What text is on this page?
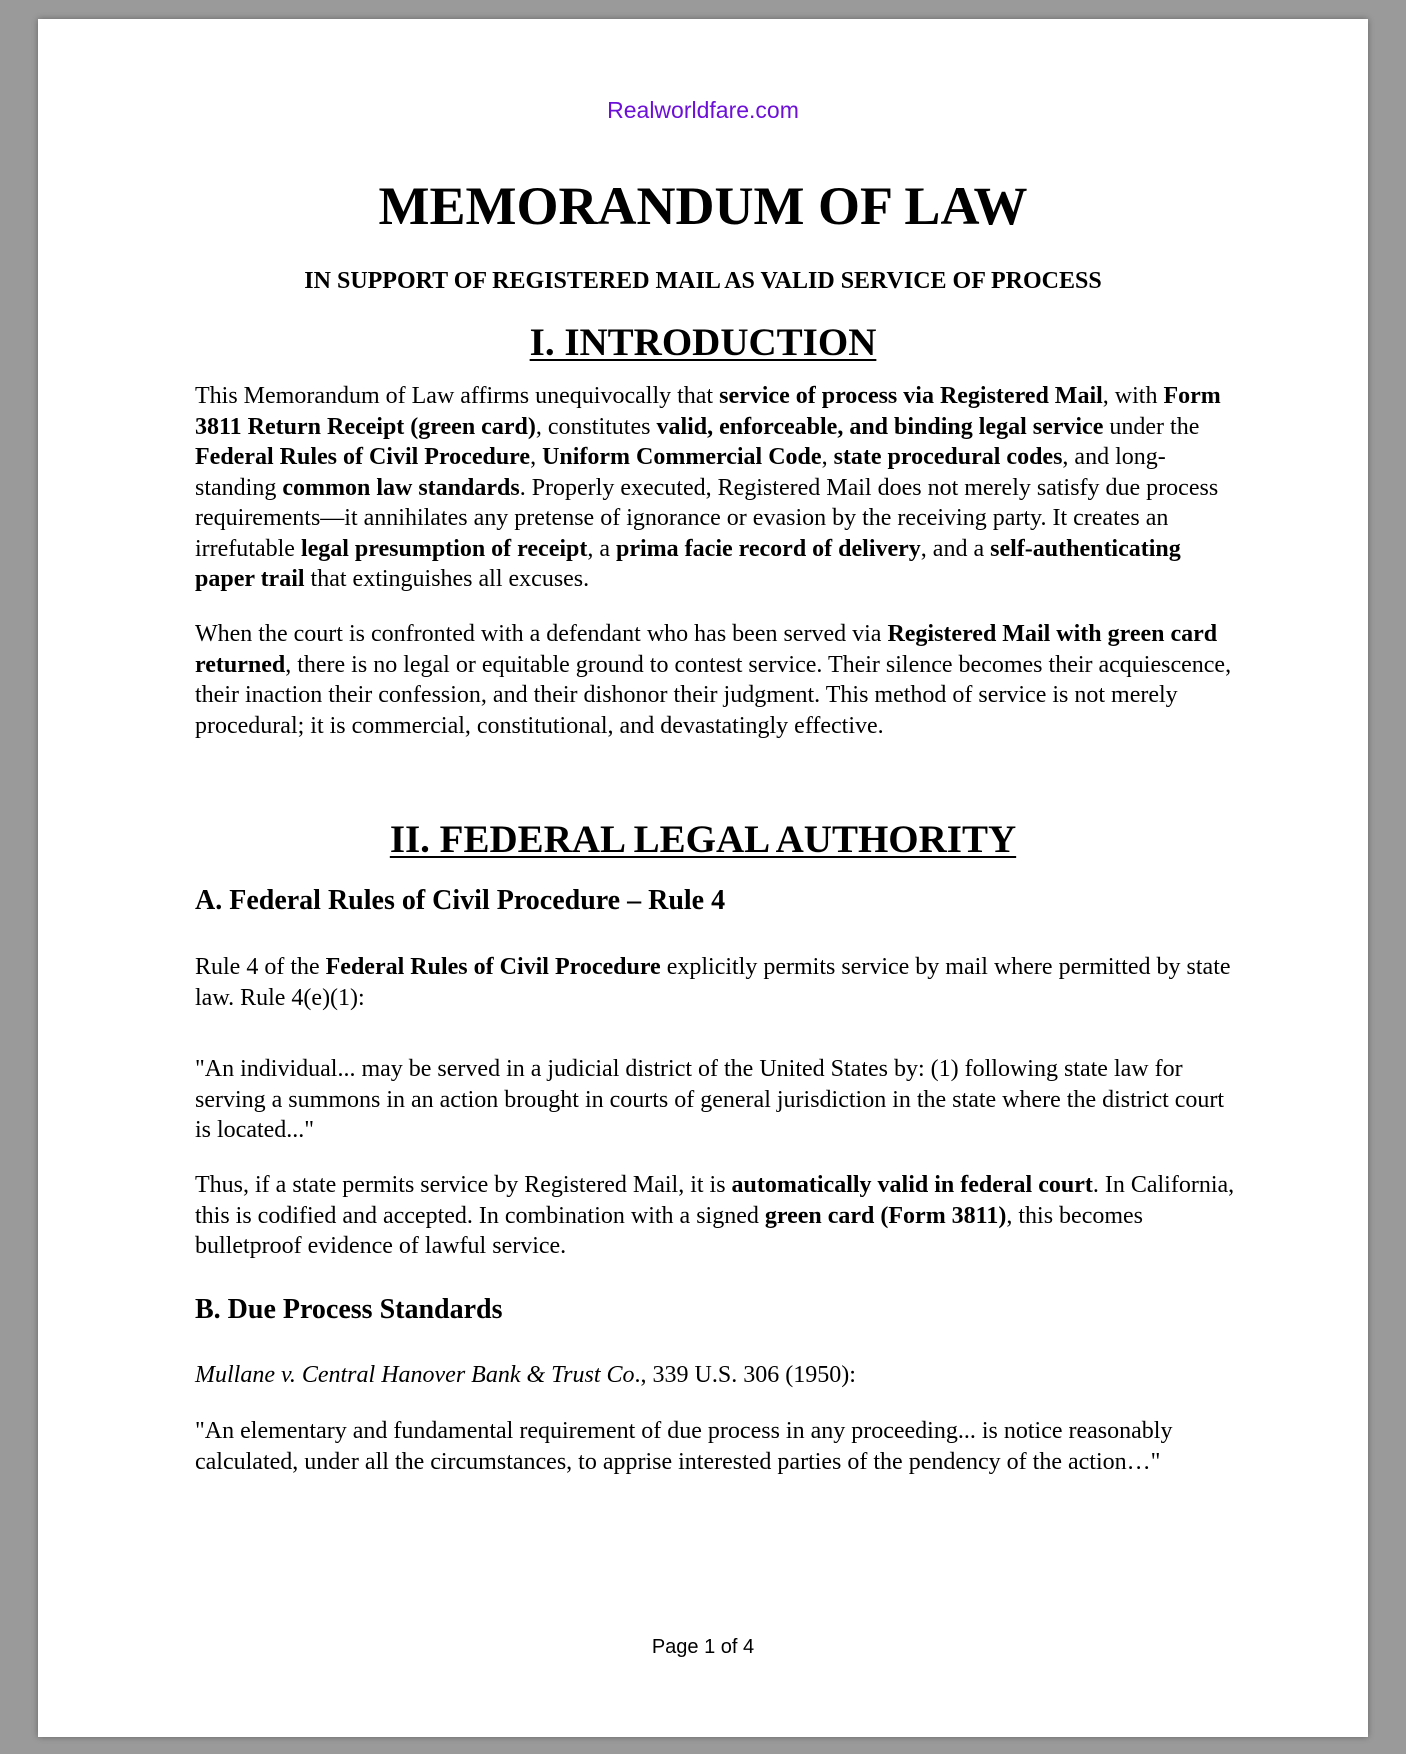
Realworldfare.com
MEMORANDUM OF LAW
IN SUPPORT OF REGISTERED MAIL AS VALID SERVICE OF PROCESS
I. INTRODUCTION

This Memorandum of Law affirms unequivocally that service of process via Registered Mail, with Form 3811 Return Receipt (green card), constitutes valid, enforceable, and binding legal service under the Federal Rules of Civil Procedure, Uniform Commercial Code, state procedural codes, and long-standing common law standards. Properly executed, Registered Mail does not merely satisfy due process requirements—it annihilates any pretense of ignorance or evasion by the receiving party. It creates an irrefutable legal presumption of receipt, a prima facie record of delivery, and a self-authenticating paper trail that extinguishes all excuses.

When the court is confronted with a defendant who has been served via Registered Mail with green card returned, there is no legal or equitable ground to contest service. Their silence becomes their acquiescence, their inaction their confession, and their dishonor their judgment. This method of service is not merely procedural; it is commercial, constitutional, and devastatingly effective.

II. FEDERAL LEGAL AUTHORITY
A. Federal Rules of Civil Procedure – Rule 4

Rule 4 of the Federal Rules of Civil Procedure explicitly permits service by mail where permitted by state law. Rule 4(e)(1):

"An individual... may be served in a judicial district of the United States by: (1) following state law for serving a summons in an action brought in courts of general jurisdiction in the state where the district court is located..."

Thus, if a state permits service by Registered Mail, it is automatically valid in federal court. In California, this is codified and accepted. In combination with a signed green card (Form 3811), this becomes bulletproof evidence of lawful service.

B. Due Process Standards

Mullane v. Central Hanover Bank & Trust Co., 339 U.S. 306 (1950):

"An elementary and fundamental requirement of due process in any proceeding... is notice reasonably calculated, under all the circumstances, to apprise interested parties of the pendency of the action…"

Page 1 of 4
